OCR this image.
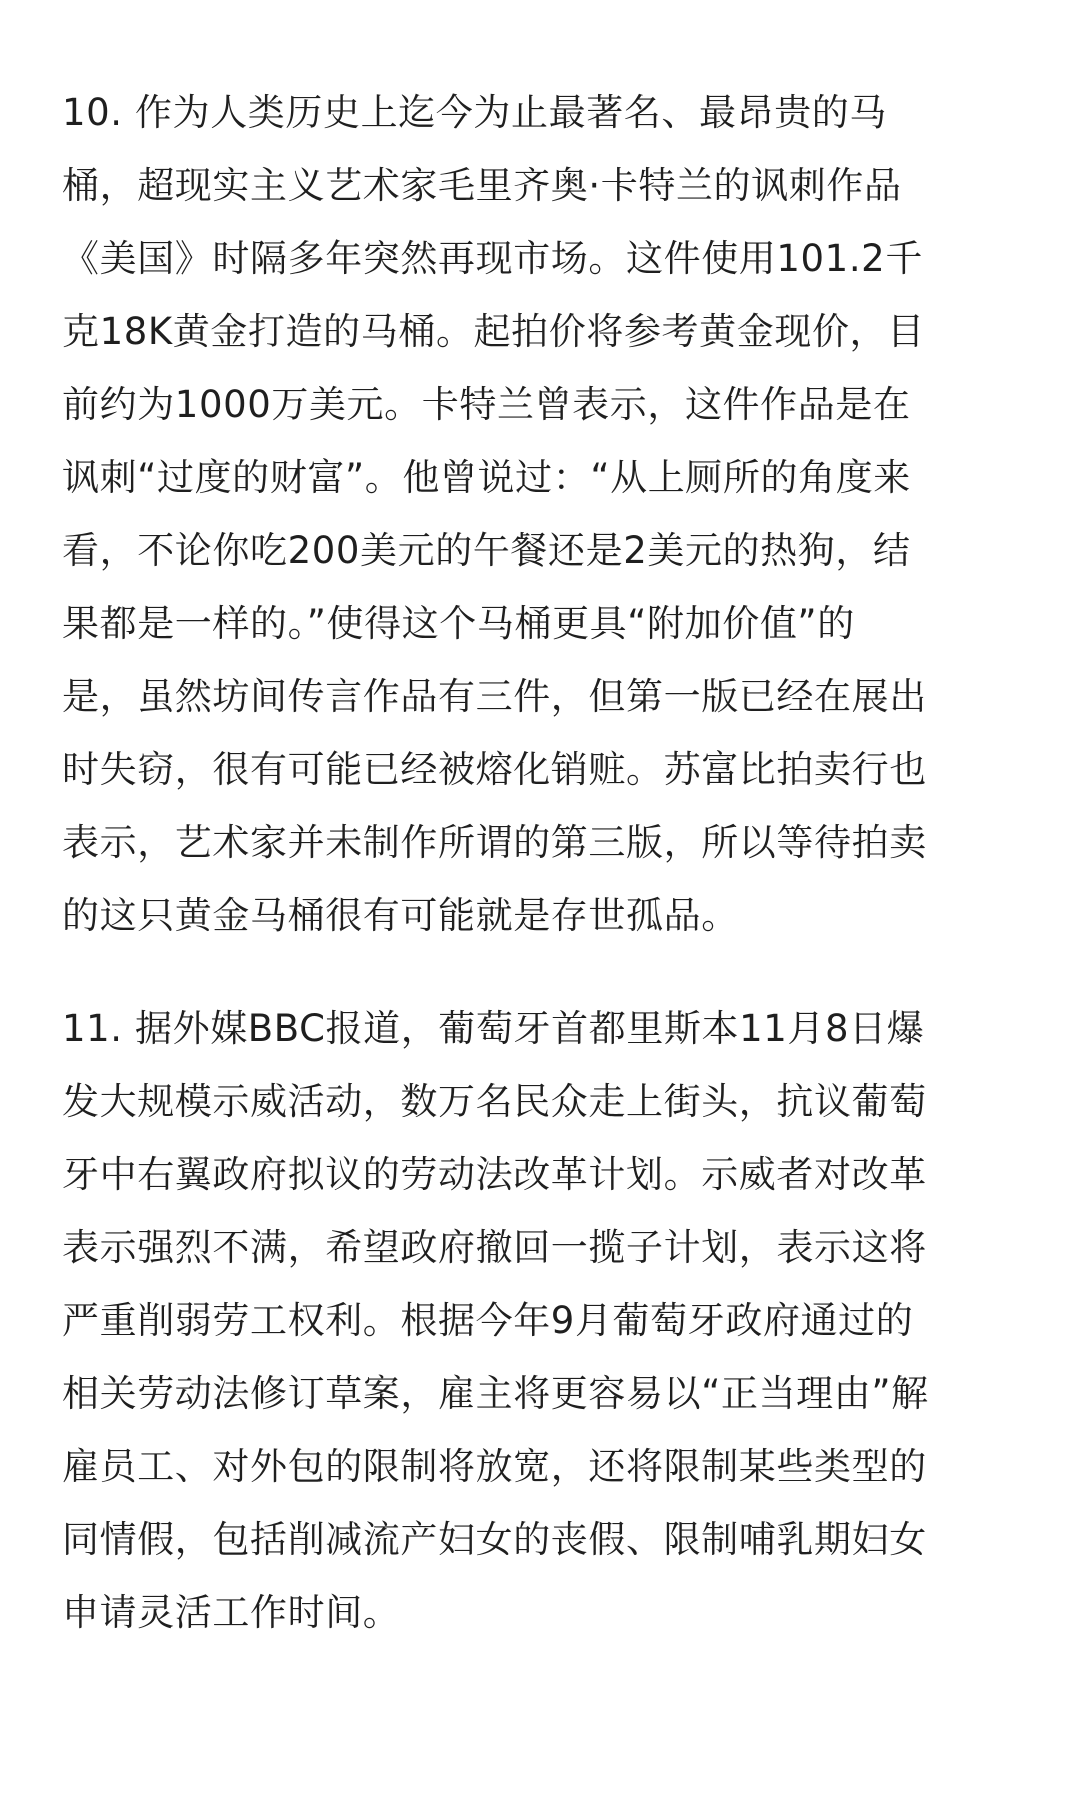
10. 作为人类历史上迄今为止最著名、最昂贵的马
桶，超现实主义艺术家毛里齐奥·卡特兰的讽刺作品
《美国》时隔多年突然再现市场。这件使用101.2千
克18K黄金打造的马桶。起拍价将参考黄金现价，目
前约为1000万美元。卡特兰曾表示，这件作品是在
讽刺“过度的财富”。他曾说过：“从上厕所的角度来
看，不论你吃200美元的午餐还是2美元的热狗，结
果都是一样的。”使得这个马桶更具“附加价值”的
是，虽然坊间传言作品有三件，但第一版已经在展出
时失窃，很有可能已经被熔化销赃。苏富比拍卖行也
表示，艺术家并未制作所谓的第三版，所以等待拍卖
的这只黄金马桶很有可能就是存世孤品。
11. 据外媒BBC报道，葡萄牙首都里斯本11月8日爆
发大规模示威活动，数万名民众走上街头，抗议葡萄
牙中右翼政府拟议的劳动法改革计划。示威者对改革
表示强烈不满，希望政府撤回一揽子计划，表示这将
严重削弱劳工权利。根据今年9月葡萄牙政府通过的
相关劳动法修订草案，雇主将更容易以“正当理由”解
雇员工、对外包的限制将放宽，还将限制某些类型的
同情假，包括削减流产妇女的丧假、限制哺乳期妇女
申请灵活工作时间。
